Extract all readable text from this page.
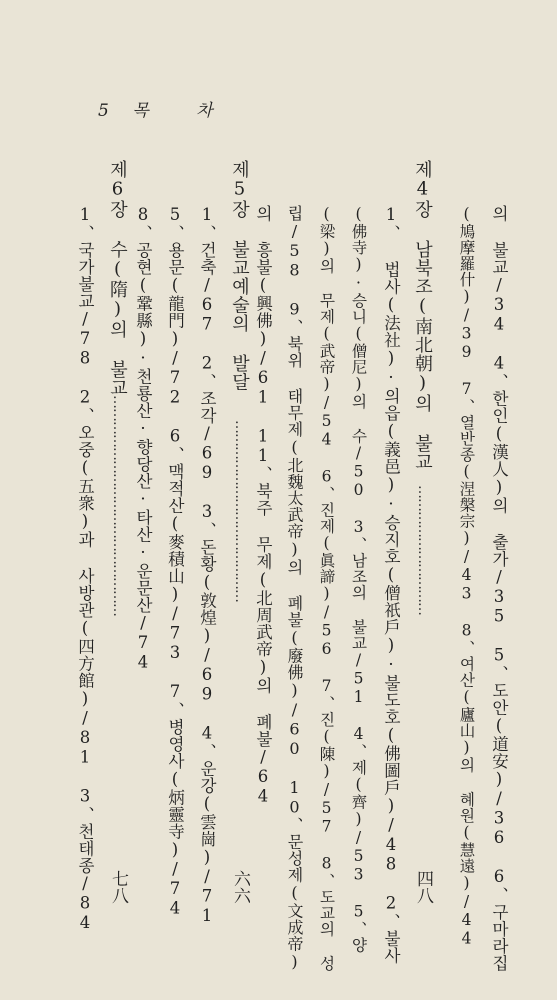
5 목	차
의 불교/34 4、한인(漢人)의 출가/35 5、도안(道安)/36 6、구마라집
(鳩摩羅什)/39 7、열반종(涅槃宗)/43 8、여산(廬山)의 혜원(慧遠)/44
제4장 남북조(南北朝)의 불교
…………………………
四八
1、 법사(法社)·의읍(義邑)·승지호(僧祇戶)·불도호(佛圖戶)/48 2、불사
(佛寺)·승니(僧尼)의 수/50 3、남조의 불교/51 4、제(齊)/53 5、양
(梁)의 무제(武帝)/54 6、진제(眞諦)/56 7、진(陳)/57 8、도교의 성
립/58 9、북위 태무제(北魏太武帝)의 폐불(廢佛)/60 10、문성제(文成帝)
의 흥불(興佛)/61 11、북주 무제(北周武帝)의 폐불/64
제5장 불교예술의 발달
……………………………………
六六
1、건축/67 2、조각/69 3、돈황(敦煌)/69 4、운강(雲崗)/71
5、용문(龍門)/72 6、맥적산(麥積山)/73 7、병영사(炳靈寺)/74
8、공현(鞏縣)·천룡산·향당산·타산·운문산/74
제6장 수(隋)의 불교
……………………………………………
七八
1、국가불교/78 2、오중(五衆)과 사방관(四方館)/81 3、천태종/84
